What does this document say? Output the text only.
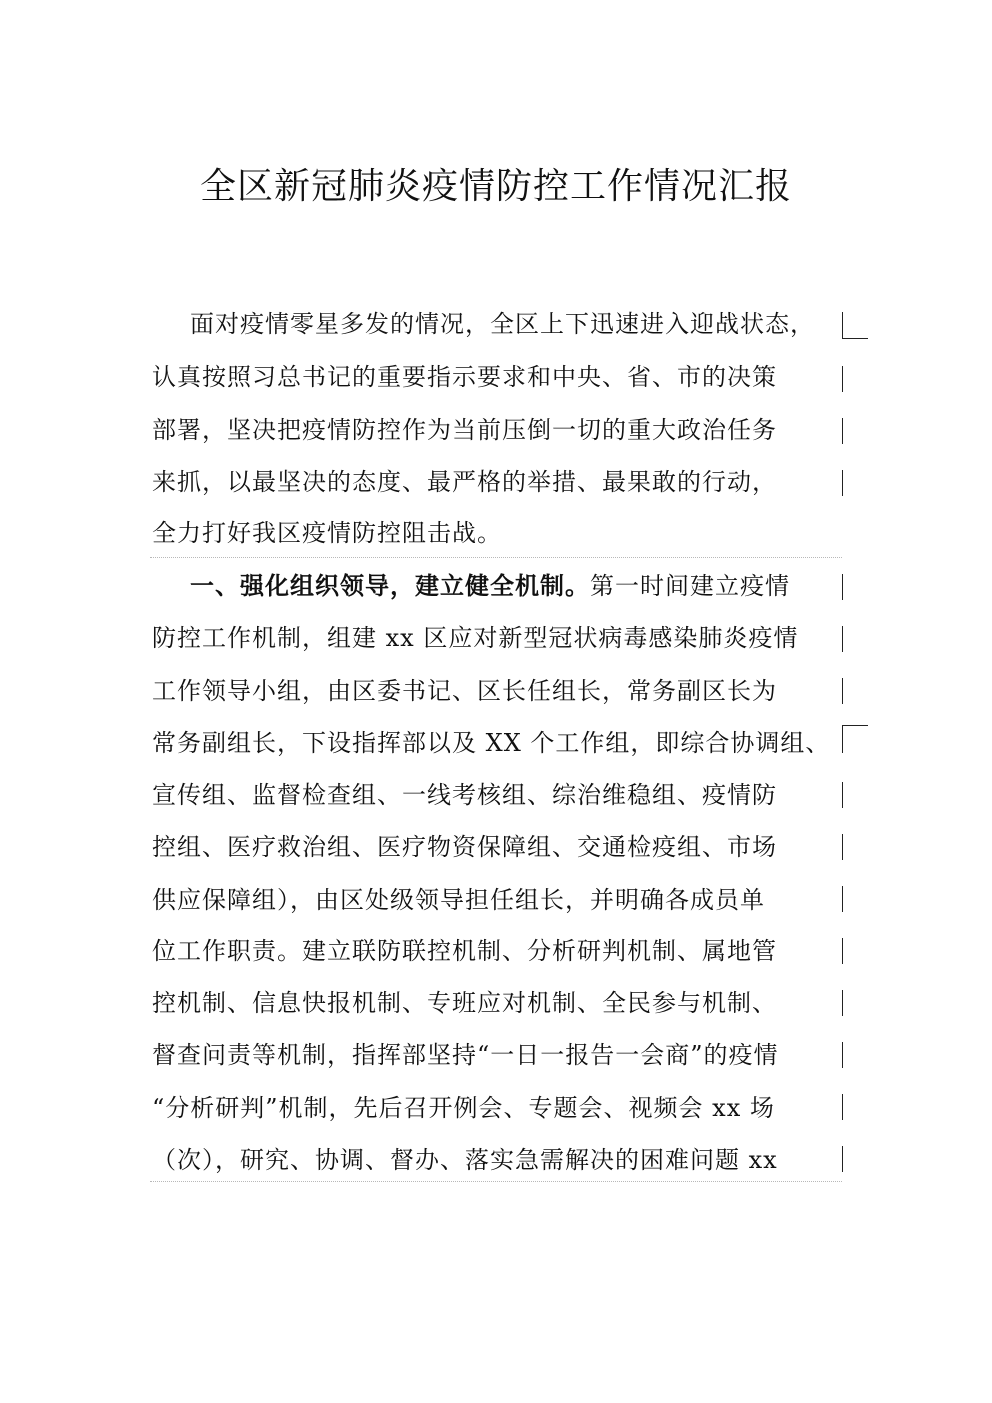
全区新冠肺炎疫情防控工作情况汇报
面对疫情零星多发的情况，全区上下迅速进入迎战状态，
认真按照习总书记的重要指示要求和中央、省、市的决策
部署，坚决把疫情防控作为当前压倒一切的重大政治任务
来抓，以最坚决的态度、最严格的举措、最果敢的行动，
全力打好我区疫情防控阻击战。
一、强化组织领导，建立健全机制。第一时间建立疫情
防控工作机制，组建 xx 区应对新型冠状病毒感染肺炎疫情
工作领导小组，由区委书记、区长任组长，常务副区长为
常务副组长，下设指挥部以及 XX 个工作组，即综合协调组、
宣传组、监督检查组、一线考核组、综治维稳组、疫情防
控组、医疗救治组、医疗物资保障组、交通检疫组、市场
供应保障组），由区处级领导担任组长，并明确各成员单
位工作职责。建立联防联控机制、分析研判机制、属地管
控机制、信息快报机制、专班应对机制、全民参与机制、
督查问责等机制，指挥部坚持“一日一报告一会商”的疫情
“分析研判”机制，先后召开例会、专题会、视频会 xx 场
（次），研究、协调、督办、落实急需解决的困难问题 xx
